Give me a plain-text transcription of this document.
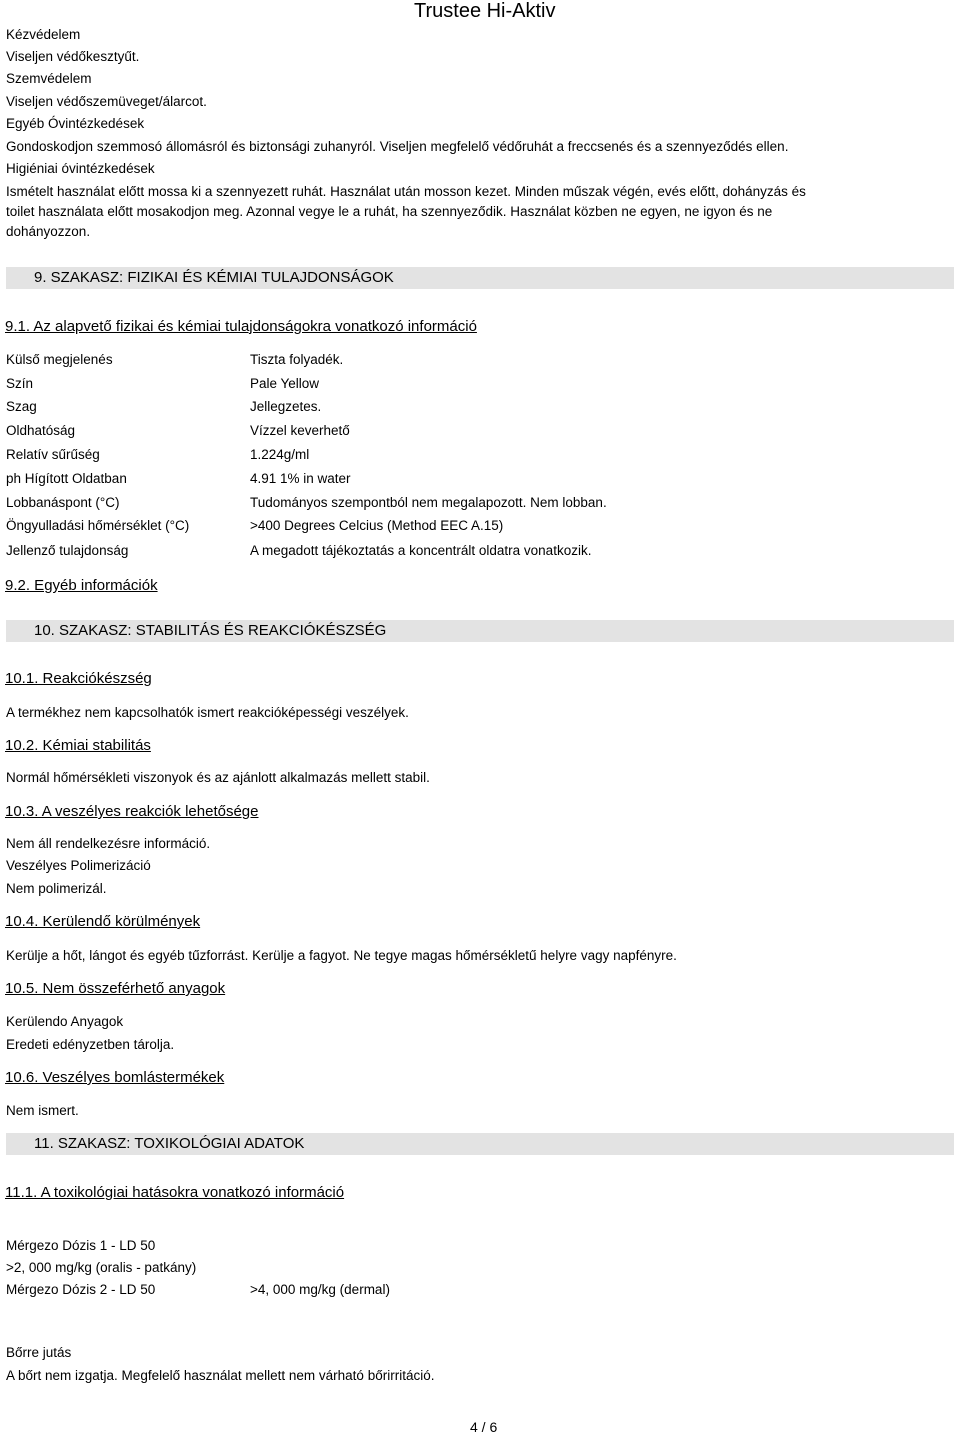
Trustee Hi-Aktiv
Kézvédelem
Viseljen védőkesztyűt.
Szemvédelem
Viseljen védőszemüveget/álarcot.
Egyéb Óvintézkedések
Gondoskodjon szemmosó állomásról és biztonsági zuhanyról. Viseljen megfelelő védőruhát a freccsenés és a szennyeződés ellen.
Higiéniai óvintézkedések
Ismételt használat előtt mossa ki a szennyezett ruhát. Használat után mosson kezet. Minden műszak végén, evés előtt, dohányzás és
toilet használata előtt mosakodjon meg. Azonnal vegye le a ruhát, ha szennyeződik. Használat közben ne egyen, ne igyon és ne
dohányozzon.
9. SZAKASZ: FIZIKAI ÉS KÉMIAI TULAJDONSÁGOK
9.1. Az alapvető fizikai és kémiai tulajdonságokra vonatkozó információ
Külső megjelenés	Tiszta folyadék.
Szín	Pale Yellow
Szag	Jellegzetes.
Oldhatóság	Vízzel keverhető
Relatív sűrűség	1.224g/ml
ph Hígított Oldatban	4.91 1% in water
Lobbanáspont (°C)	Tudományos szempontból nem megalapozott. Nem lobban.
Öngyulladási hőmérséklet (°C)	>400 Degrees Celcius (Method EEC A.15)
Jellenző tulajdonság	A megadott tájékoztatás a koncentrált oldatra vonatkozik.
9.2. Egyéb információk
10. SZAKASZ: STABILITÁS ÉS REAKCIÓKÉSZSÉG
10.1. Reakciókészség
A termékhez nem kapcsolhatók ismert reakcióképességi veszélyek.
10.2. Kémiai stabilitás
Normál hőmérsékleti viszonyok és az ajánlott alkalmazás mellett stabil.
10.3. A veszélyes reakciók lehetősége
Nem áll rendelkezésre információ.
Veszélyes Polimerizáció
Nem polimerizál.
10.4. Kerülendő körülmények
Kerülje a hőt, lángot és egyéb tűzforrást. Kerülje a fagyot. Ne tegye magas hőmérsékletű helyre vagy napfényre.
10.5. Nem összeférhető anyagok
Kerülendo Anyagok
Eredeti edényzetben tárolja.
10.6. Veszélyes bomlástermékek
Nem ismert.
11. SZAKASZ: TOXIKOLÓGIAI ADATOK
11.1. A toxikológiai hatásokra vonatkozó információ
Mérgezo Dózis 1 - LD 50
>2, 000 mg/kg (oralis - patkány)
Mérgezo Dózis 2 - LD 50	>4, 000 mg/kg (dermal)
Bőrre jutás
A bőrt nem izgatja. Megfelelő használat mellett nem várható bőrirritáció.
4 / 6
